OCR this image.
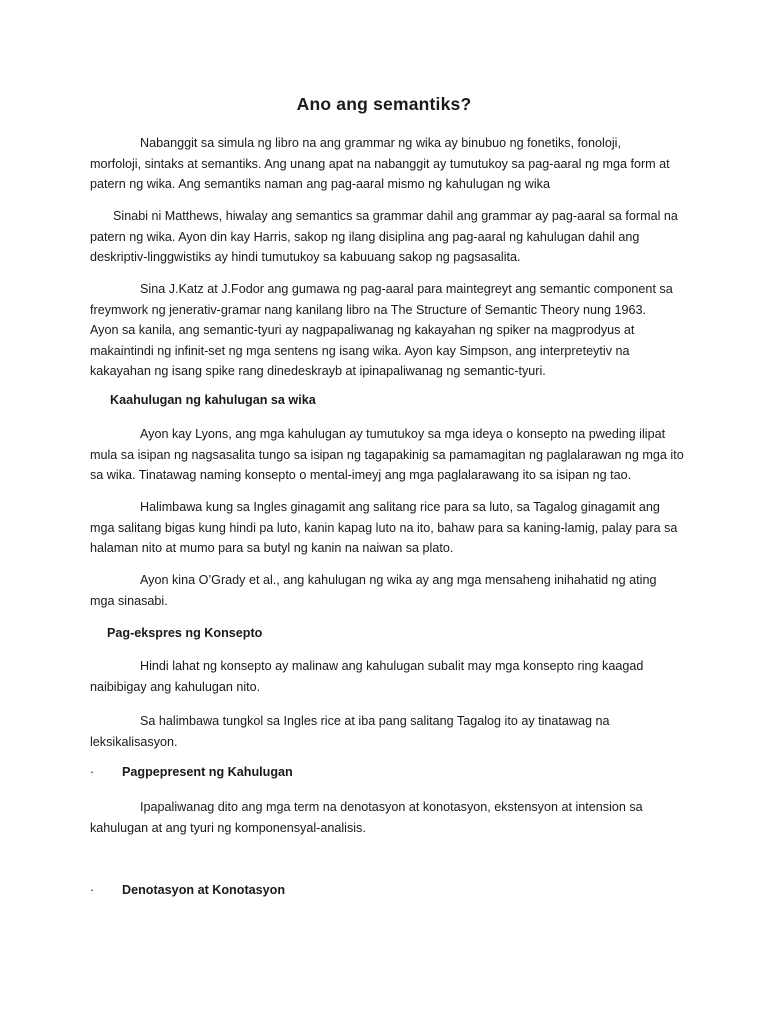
Ano ang semantiks?

Nabanggit sa simula ng libro na ang grammar ng wika ay binubuo ng fonetiks, fonoloji,
morfoloji, sintaks at semantiks. Ang unang apat na nabanggit ay tumutukoy sa pag-aaral ng mga form at
patern ng wika. Ang semantiks naman ang pag-aaral mismo ng kahulugan ng wika

Sinabi ni Matthews, hiwalay ang semantics sa grammar dahil ang grammar ay pag-aaral sa formal na
patern ng wika. Ayon din kay Harris, sakop ng ilang disiplina ang pag-aaral ng kahulugan dahil ang
deskriptiv-linggwistiks ay hindi tumutukoy sa kabuuang sakop ng pagsasalita.

Sina J.Katz at J.Fodor ang gumawa ng pag-aaral para maintegreyt ang semantic component sa
freymwork ng jenerativ-gramar nang kanilang libro na The Structure of Semantic Theory nung 1963.
Ayon sa kanila, ang semantic-tyuri ay nagpapaliwanag ng kakayahan ng spiker na magprodyus at
makaintindi ng infinit-set ng mga sentens ng isang wika. Ayon kay Simpson, ang interpreteytiv na
kakayahan ng isang spike rang dinedeskrayb at ipinapaliwanag ng semantic-tyuri.

Kaahulugan ng kahulugan sa wika

Ayon kay Lyons, ang mga kahulugan ay tumutukoy sa mga ideya o konsepto na pweding ilipat
mula sa isipan ng nagsasalita tungo sa isipan ng tagapakinig sa pamamagitan ng paglalarawan ng mga ito
sa wika. Tinatawag naming konsepto o mental-imeyj ang mga paglalarawang ito sa isipan ng tao.

Halimbawa kung sa Ingles ginagamit ang salitang rice para sa luto, sa Tagalog ginagamit ang
mga salitang bigas kung hindi pa luto, kanin kapag luto na ito, bahaw para sa kaning-lamig, palay para sa
halaman nito at mumo para sa butyl ng kanin na naiwan sa plato.

Ayon kina O’Grady et al., ang kahulugan ng wika ay ang mga mensaheng inihahatid ng ating
mga sinasabi.

Pag-ekspres ng Konsepto

Hindi lahat ng konsepto ay malinaw ang kahulugan subalit may mga konsepto ring kaagad
naibibigay ang kahulugan nito.

Sa halimbawa tungkol sa Ingles rice at iba pang salitang Tagalog ito ay tinatawag na
leksikalisasyon.

· Pagpepresent ng Kahulugan

Ipapaliwanag dito ang mga term na denotasyon at konotasyon, ekstensyon at intension sa
kahulugan at ang tyuri ng komponensyal-analisis.

· Denotasyon at Konotasyon
